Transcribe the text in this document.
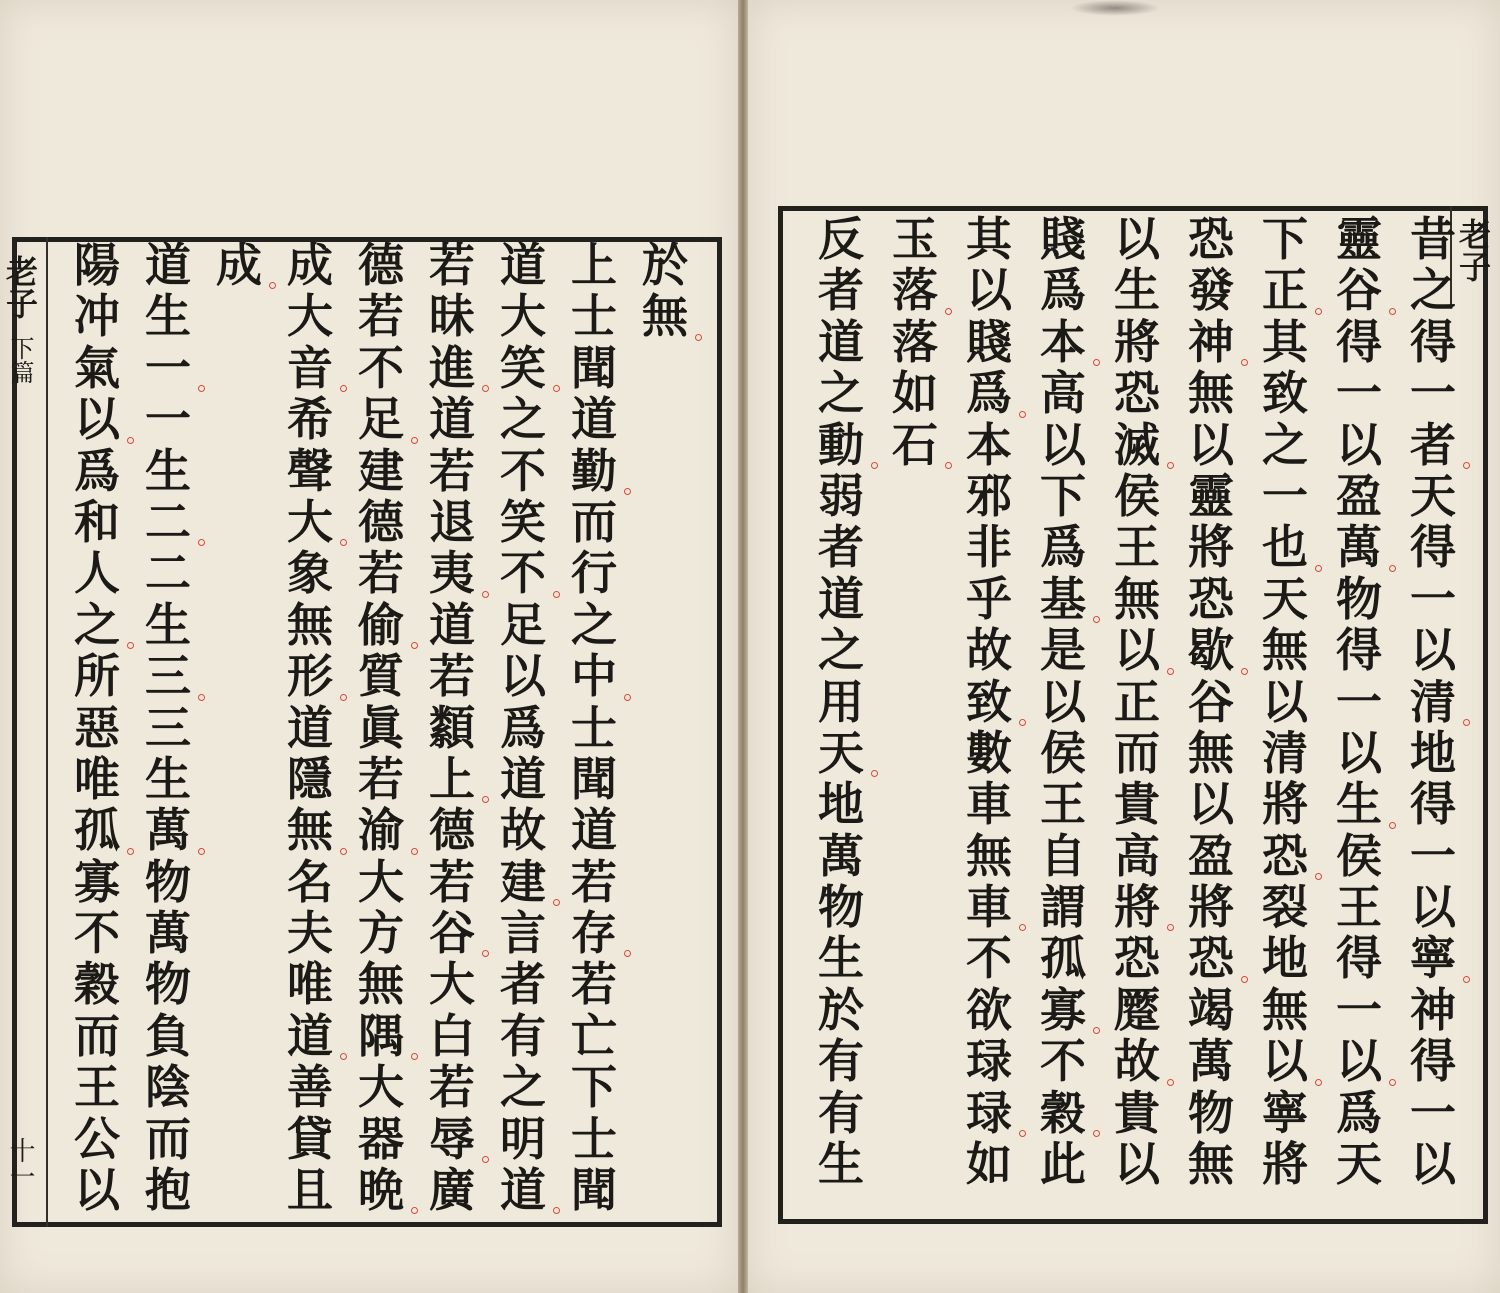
老子
下篇
十一
老子
於
無
上
士
聞
道
勤
而
行
之
中
士
聞
道
若
存
若
亡
下
士
聞
道
大
笑
之
不
笑
不
足
以
爲
道
故
建
言
者
有
之
明
道
若
昧
進
道
若
退
夷
道
若
纇
上
德
若
谷
大
白
若
辱
廣
德
若
不
足
建
德
若
偷
質
眞
若
渝
大
方
無
隅
大
器
晩
成
大
音
希
聲
大
象
無
形
道
隱
無
名
夫
唯
道
善
貸
且
成
道
生
一
一
生
二
二
生
三
三
生
萬
物
萬
物
負
陰
而
抱
陽
冲
氣
以
爲
和
人
之
所
惡
唯
孤
寡
不
穀
而
王
公
以
昔
之
得
一
者
天
得
一
以
清
地
得
一
以
寧
神
得
一
以
靈
谷
得
一
以
盈
萬
物
得
一
以
生
侯
王
得
一
以
爲
天
下
正
其
致
之
一
也
天
無
以
清
將
恐
裂
地
無
以
寧
將
恐
發
神
無
以
靈
將
恐
歇
谷
無
以
盈
將
恐
竭
萬
物
無
以
生
將
恐
滅
侯
王
無
以
正
而
貴
高
將
恐
蹷
故
貴
以
賤
爲
本
高
以
下
爲
基
是
以
侯
王
自
謂
孤
寡
不
穀
此
其
以
賤
爲
本
邪
非
乎
故
致
數
車
無
車
不
欲
琭
琭
如
玉
落
落
如
石
反
者
道
之
動
弱
者
道
之
用
天
地
萬
物
生
於
有
有
生
